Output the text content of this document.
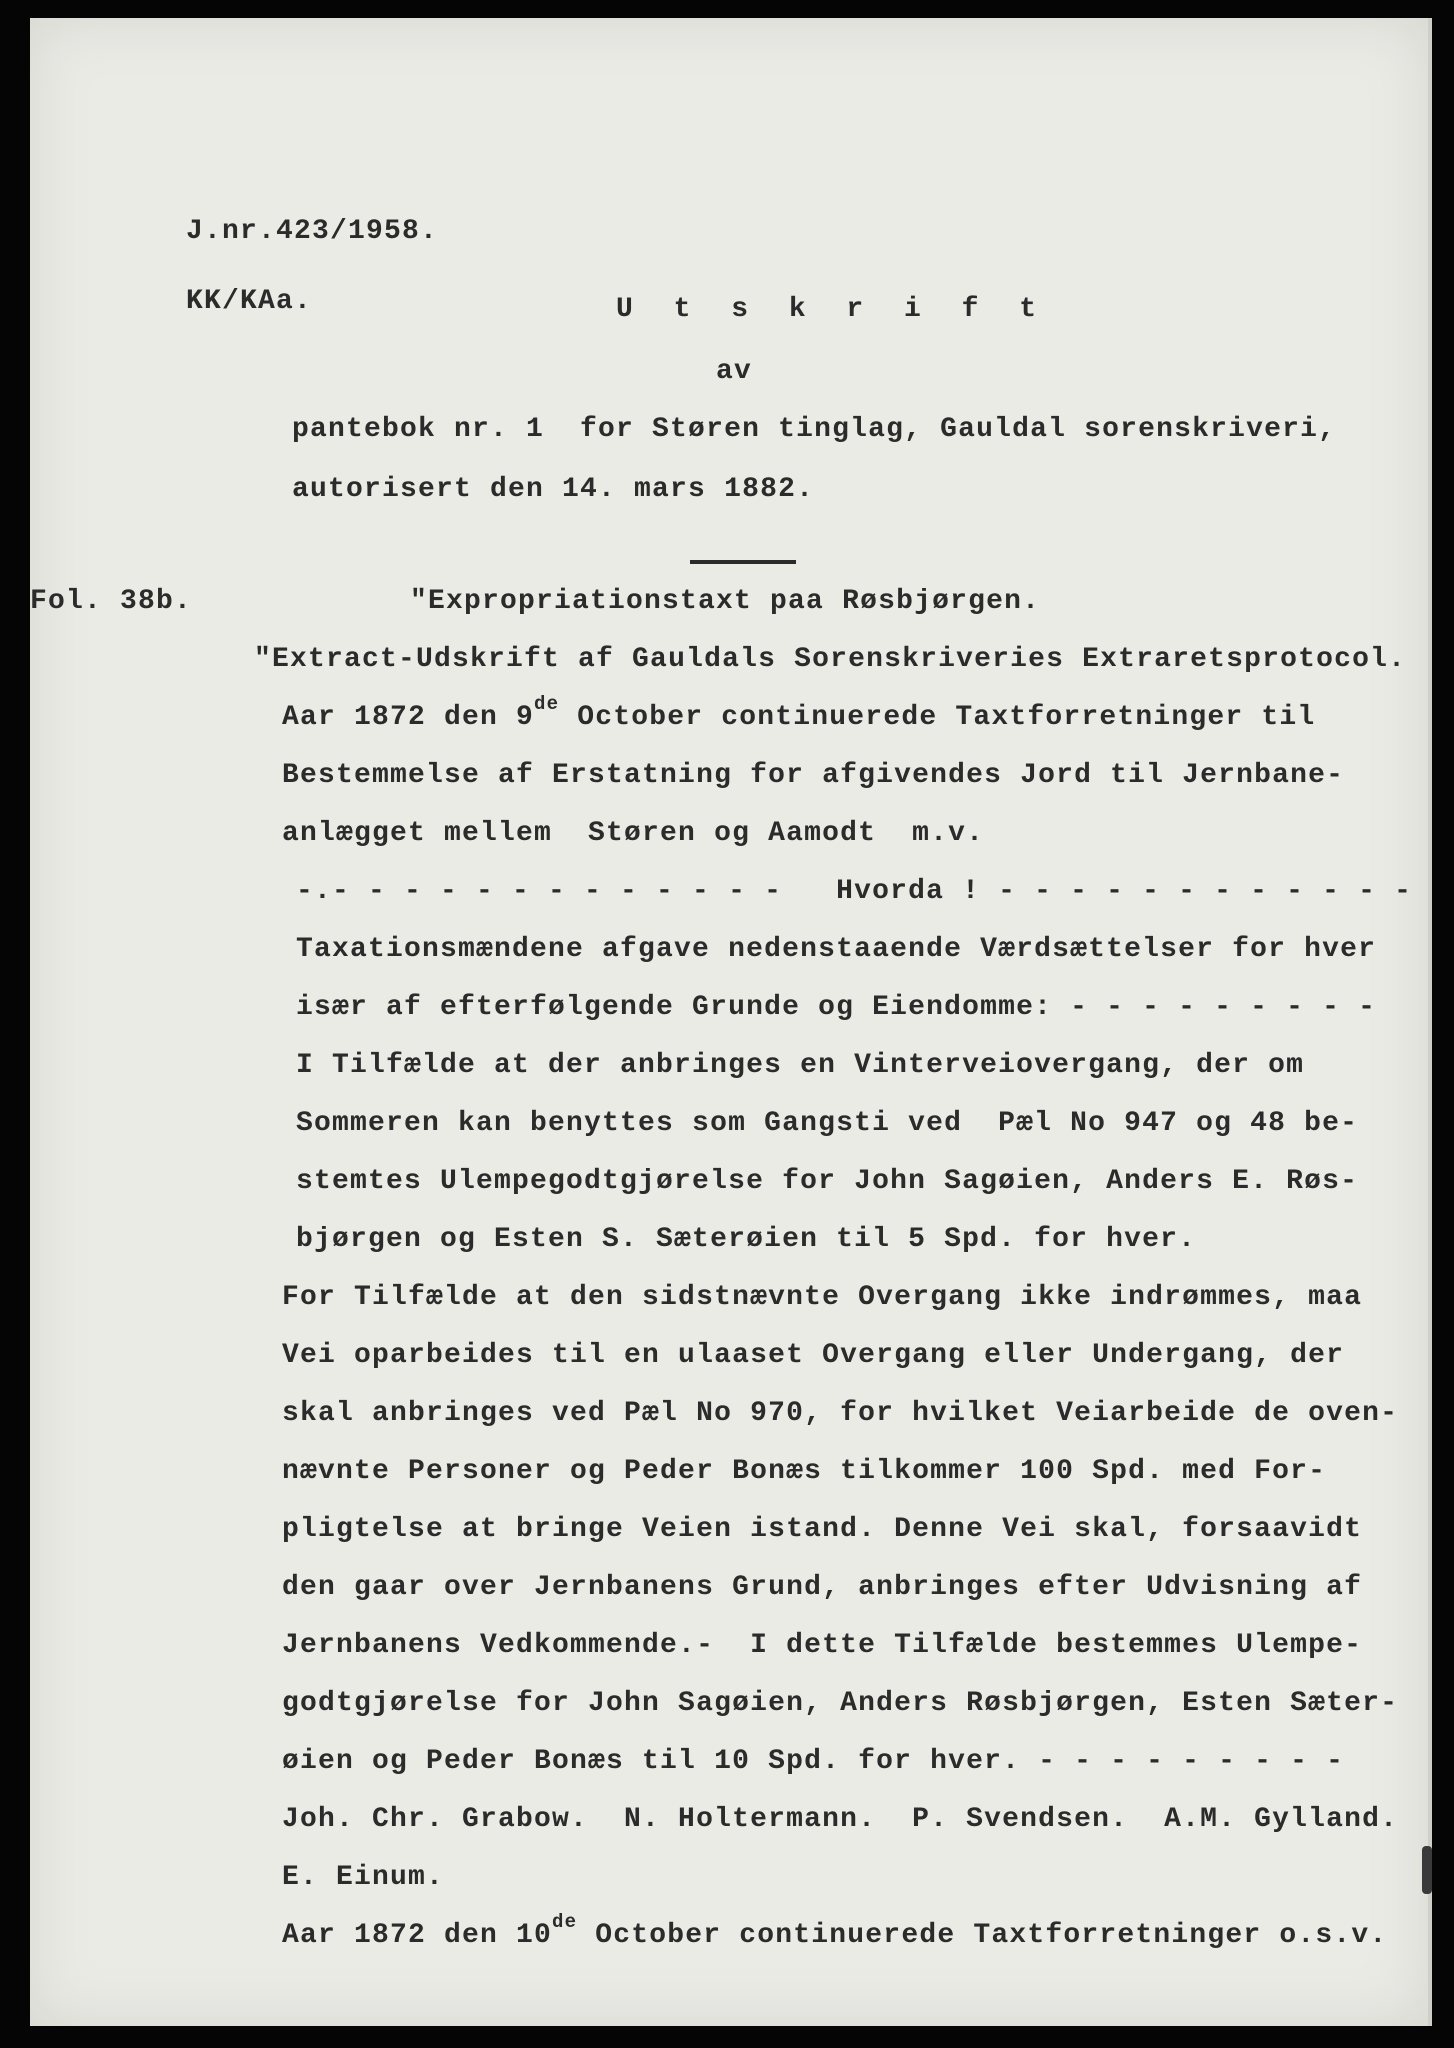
J.nr.423/1958.
KK/KAa.	U t s k r i f t
av
pantebok nr. 1  for Støren tinglag, Gauldal sorenskriveri,
autorisert den 14. mars 1882.
Fol. 38b.	"Expropriationstaxt paa Røsbjørgen.
"Extract-Udskrift af Gauldals Sorenskriveries Extraretsprotocol.
Aar 1872 den 9de October continuerede Taxtforretninger til
Bestemmelse af Erstatning for afgivendes Jord til Jernbane-
anlægget mellem  Støren og Aamodt  m.v.
-.- - - - - - - - - - - - -   Hvorda ! - - - - - - - - - - - -
Taxationsmændene afgave nedenstaaende Værdsættelser for hver
især af efterfølgende Grunde og Eiendomme: - - - - - - - - -
I Tilfælde at der anbringes en Vinterveiovergang, der om
Sommeren kan benyttes som Gangsti ved  Pæl No 947 og 48 be-
stemtes Ulempegodtgjørelse for John Sagøien, Anders E. Røs-
bjørgen og Esten S. Sæterøien til 5 Spd. for hver.
For Tilfælde at den sidstnævnte Overgang ikke indrømmes, maa
Vei oparbeides til en ulaaset Overgang eller Undergang, der
skal anbringes ved Pæl No 970, for hvilket Veiarbeide de oven-
nævnte Personer og Peder Bonæs tilkommer 100 Spd. med For-
pligtelse at bringe Veien istand. Denne Vei skal, forsaavidt
den gaar over Jernbanens Grund, anbringes efter Udvisning af
Jernbanens Vedkommende.-  I dette Tilfælde bestemmes Ulempe-
godtgjørelse for John Sagøien, Anders Røsbjørgen, Esten Sæter-
øien og Peder Bonæs til 10 Spd. for hver. - - - - - - - - -
Joh. Chr. Grabow.  N. Holtermann.  P. Svendsen.  A.M. Gylland.
E. Einum.
Aar 1872 den 10de October continuerede Taxtforretninger o.s.v.
